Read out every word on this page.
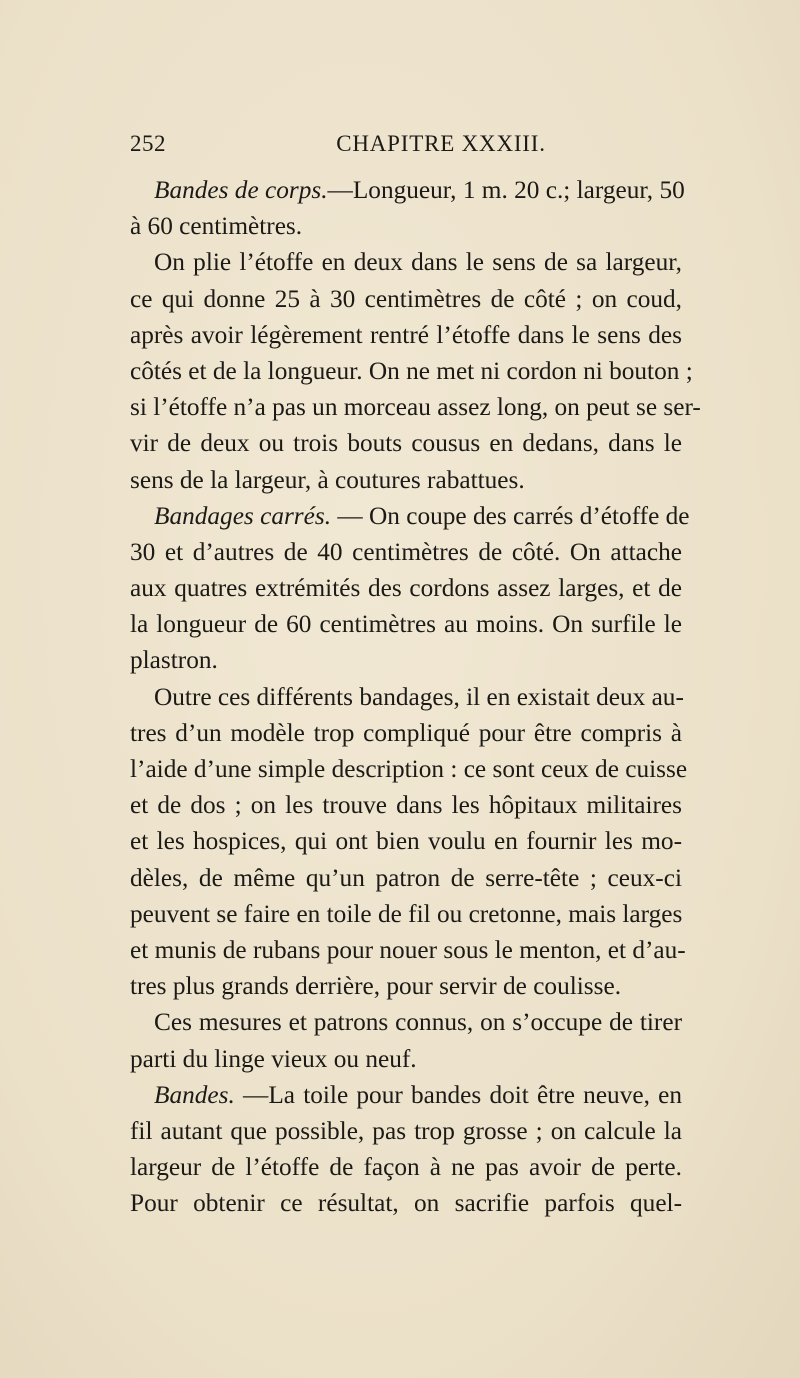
252	CHAPITRE XXXIII.
Bandes de corps.—Longueur, 1 m. 20 c.; largeur, 50
à 60 centimètres.
On plie l’étoffe en deux dans le sens de sa largeur,
ce qui donne 25 à 30 centimètres de côté ; on coud,
après avoir légèrement rentré l’étoffe dans le sens des
côtés et de la longueur. On ne met ni cordon ni bouton ;
si l’étoffe n’a pas un morceau assez long, on peut se ser-
vir de deux ou trois bouts cousus en dedans, dans le
sens de la largeur, à coutures rabattues.
Bandages carrés. — On coupe des carrés d’étoffe de
30 et d’autres de 40 centimètres de côté. On attache
aux quatres extrémités des cordons assez larges, et de
la longueur de 60 centimètres au moins. On surfile le
plastron.
Outre ces différents bandages, il en existait deux au-
tres d’un modèle trop compliqué pour être compris à
l’aide d’une simple description : ce sont ceux de cuisse
et de dos ; on les trouve dans les hôpitaux militaires
et les hospices, qui ont bien voulu en fournir les mo-
dèles, de même qu’un patron de serre-tête ; ceux-ci
peuvent se faire en toile de fil ou cretonne, mais larges
et munis de rubans pour nouer sous le menton, et d’au-
tres plus grands derrière, pour servir de coulisse.
Ces mesures et patrons connus, on s’occupe de tirer
parti du linge vieux ou neuf.
Bandes. —La toile pour bandes doit être neuve, en
fil autant que possible, pas trop grosse ; on calcule la
largeur de l’étoffe de façon à ne pas avoir de perte.
Pour obtenir ce résultat, on sacrifie parfois quel-
